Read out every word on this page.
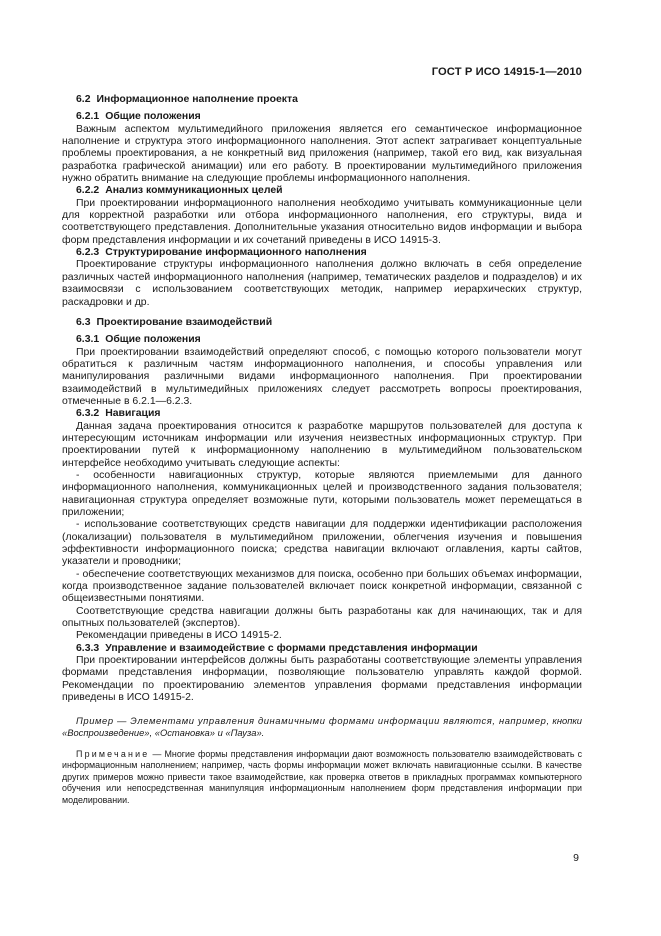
ГОСТ Р ИСО 14915-1—2010

6.2 Информационное наполнение проекта

6.2.1 Общие положения

Важным аспектом мультимедийного приложения является его семантическое информационное наполнение и структура этого информационного наполнения. Этот аспект затрагивает концептуальные проблемы проектирования, а не конкретный вид приложения (например, такой его вид, как визуальная разработка графической анимации) или его работу. В проектировании мультимедийного приложения нужно обратить внимание на следующие проблемы информационного наполнения.

6.2.2 Анализ коммуникационных целей

При проектировании информационного наполнения необходимо учитывать коммуникационные цели для корректной разработки или отбора информационного наполнения, его структуры, вида и соответствующего представления. Дополнительные указания относительно видов информации и выбора форм представления информации и их сочетаний приведены в ИСО 14915-3.

6.2.3 Структурирование информационного наполнения

Проектирование структуры информационного наполнения должно включать в себя определение различных частей информационного наполнения (например, тематических разделов и подразделов) и их взаимосвязи с использованием соответствующих методик, например иерархических структур, раскадровки и др.

6.3 Проектирование взаимодействий

6.3.1 Общие положения

При проектировании взаимодействий определяют способ, с помощью которого пользователи могут обратиться к различным частям информационного наполнения, и способы управления или манипулирования различными видами информационного наполнения. При проектировании взаимодействий в мультимедийных приложениях следует рассмотреть вопросы проектирования, отмеченные в 6.2.1—6.2.3.

6.3.2 Навигация

Данная задача проектирования относится к разработке маршрутов пользователей для доступа к интересующим источникам информации или изучения неизвестных информационных структур. При проектировании путей к информационному наполнению в мультимедийном пользовательском интерфейсе необходимо учитывать следующие аспекты:

- особенности навигационных структур, которые являются приемлемыми для данного информационного наполнения, коммуникационных целей и производственного задания пользователя; навигационная структура определяет возможные пути, которыми пользователь может перемещаться в приложении;

- использование соответствующих средств навигации для поддержки идентификации расположения (локализации) пользователя в мультимедийном приложении, облегчения изучения и повышения эффективности информационного поиска; средства навигации включают оглавления, карты сайтов, указатели и проводники;

- обеспечение соответствующих механизмов для поиска, особенно при больших объемах информации, когда производственное задание пользователей включает поиск конкретной информации, связанной с общеизвестными понятиями.

Соответствующие средства навигации должны быть разработаны как для начинающих, так и для опытных пользователей (экспертов).

Рекомендации приведены в ИСО 14915-2.

6.3.3 Управление и взаимодействие с формами представления информации

При проектировании интерфейсов должны быть разработаны соответствующие элементы управления формами представления информации, позволяющие пользователю управлять каждой формой. Рекомендации по проектированию элементов управления формами представления информации приведены в ИСО 14915-2.

Пример — Элементами управления динамичными формами информации являются, например, кнопки «Воспроизведение», «Остановка» и «Пауза».

Примечание — Многие формы представления информации дают возможность пользователю взаимодействовать с информационным наполнением; например, часть формы информации может включать навигационные ссылки. В качестве других примеров можно привести такое взаимодействие, как проверка ответов в прикладных программах компьютерного обучения или непосредственная манипуляция информационным наполнением форм представления информации при моделировании.

9
